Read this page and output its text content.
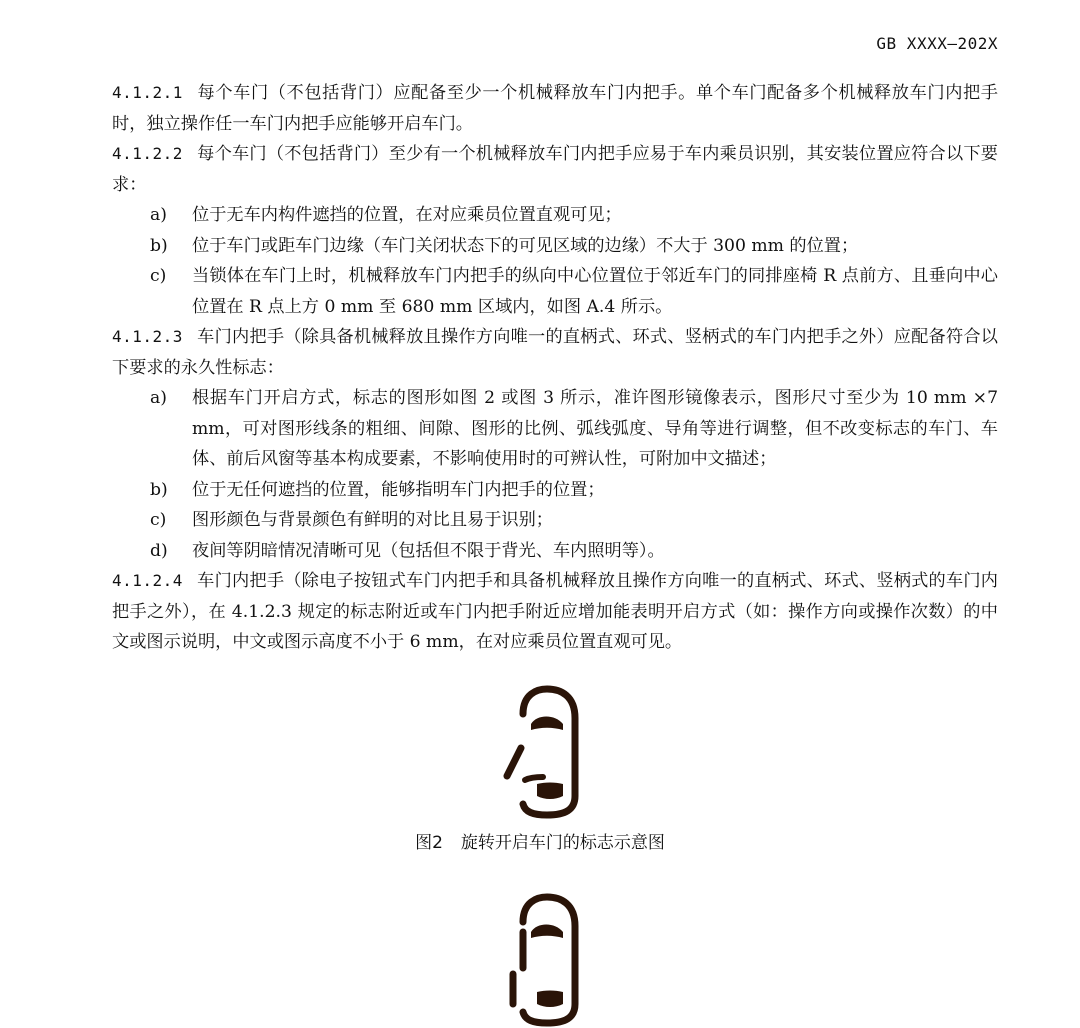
GB XXXX—202X

4.1.2.1 每个车门（不包括背门）应配备至少一个机械释放车门内把手。单个车门配备多个机械释放车门内把手时，独立操作任一车门内把手应能够开启车门。

4.1.2.2 每个车门（不包括背门）至少有一个机械释放车门内把手应易于车内乘员识别，其安装位置应符合以下要求：

a)	位于无车内构件遮挡的位置，在对应乘员位置直观可见；
b)	位于车门或距车门边缘（车门关闭状态下的可见区域的边缘）不大于 300 mm 的位置；
c)	当锁体在车门上时，机械释放车门内把手的纵向中心位置位于邻近车门的同排座椅 R 点前方、且垂向中心位置在 R 点上方 0 mm 至 680 mm 区域内，如图 A.4 所示。

4.1.2.3 车门内把手（除具备机械释放且操作方向唯一的直柄式、环式、竖柄式的车门内把手之外）应配备符合以下要求的永久性标志：

a)	根据车门开启方式，标志的图形如图 2 或图 3 所示，准许图形镜像表示，图形尺寸至少为 10 mm ×7 mm，可对图形线条的粗细、间隙、图形的比例、弧线弧度、导角等进行调整，但不改变标志的车门、车体、前后风窗等基本构成要素，不影响使用时的可辨认性，可附加中文描述；
b)	位于无任何遮挡的位置，能够指明车门内把手的位置；
c)	图形颜色与背景颜色有鲜明的对比且易于识别；
d)	夜间等阴暗情况清晰可见（包括但不限于背光、车内照明等）。

4.1.2.4 车门内把手（除电子按钮式车门内把手和具备机械释放且操作方向唯一的直柄式、环式、竖柄式的车门内把手之外），在 4.1.2.3 规定的标志附近或车门内把手附近应增加能表明开启方式（如：操作方向或操作次数）的中文或图示说明，中文或图示高度不小于 6 mm，在对应乘员位置直观可见。

图2 旋转开启车门的标志示意图
